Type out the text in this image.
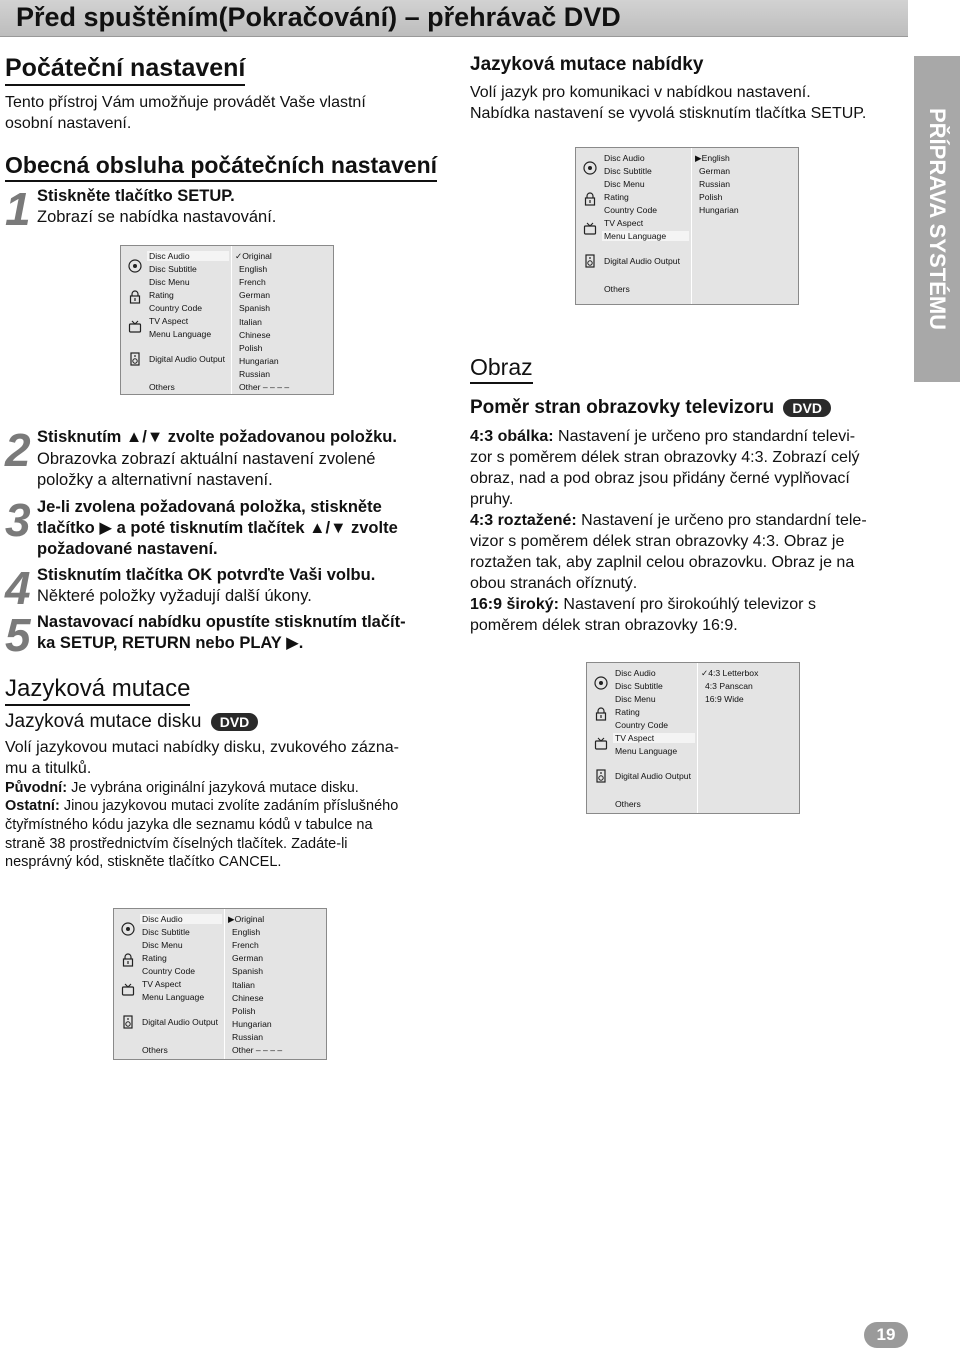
Před spuštěním(Pokračování) – přehrávač DVD
PŘÍPRAVA SYSTÉMU
Počáteční nastavení
Tento přístroj Vám umožňuje provádět Vaše vlastní
osobní nastavení.
Obecná obsluha počátečních nastavení
1 Stiskněte tlačítko SETUP.
Zobrazí se nabídka nastavování.
Disc Audio
Disc Subtitle
Disc Menu
Rating
Country Code
TV Aspect
Menu Language
Digital Audio Output
Others
✓Original
English
French
German
Spanish
Italian
Chinese
Polish
Hungarian
Russian
Other – – – –
2 Stisknutím ▲/▼ zvolte požadovanou položku.
Obrazovka zobrazí aktuální nastavení zvolené
položky a alternativní nastavení.
3 Je-li zvolena požadovaná položka, stiskněte
tlačítko ▶ a poté tisknutím tlačítek ▲/▼ zvolte
požadované nastavení.
4 Stisknutím tlačítka OK potvrďte Vaši volbu.
Některé položky vyžadují další úkony.
5 Nastavovací nabídku opustíte stisknutím tlačít-
ka SETUP, RETURN nebo PLAY ▶.
Jazyková mutace
Jazyková mutace disku DVD
Volí jazykovou mutaci nabídky disku, zvukového zázna-
mu a titulků.
Původní: Je vybrána originální jazyková mutace disku.
Ostatní: Jinou jazykovou mutaci zvolíte zadáním příslušného
čtyřmístného kódu jazyka dle seznamu kódů v tabulce na
straně 38 prostřednictvím číselných tlačítek. Zadáte-li
nesprávný kód, stiskněte tlačítko CANCEL.
Disc Audio
Disc Subtitle
Disc Menu
Rating
Country Code
TV Aspect
Menu Language
Digital Audio Output
Others
▶Original
English
French
German
Spanish
Italian
Chinese
Polish
Hungarian
Russian
Other – – – –
Jazyková mutace nabídky
Volí jazyk pro komunikaci v nabídkou nastavení.
Nabídka nastavení se vyvolá stisknutím tlačítka SETUP.
Disc Audio
Disc Subtitle
Disc Menu
Rating
Country Code
TV Aspect
Menu Language
Digital Audio Output
Others
▶English
German
Russian
Polish
Hungarian
Obraz
Poměr stran obrazovky televizoru DVD
4:3 obálka: Nastavení je určeno pro standardní televi-
zor s poměrem délek stran obrazovky 4:3. Zobrazí celý
obraz, nad a pod obraz jsou přidány černé vyplňovací
pruhy.
4:3 roztažené: Nastavení je určeno pro standardní tele-
vizor s poměrem délek stran obrazovky 4:3. Obraz je
roztažen tak, aby zaplnil celou obrazovku. Obraz je na
obou stranách oříznutý.
16:9 široký: Nastavení pro širokoúhlý televizor s
poměrem délek stran obrazovky 16:9.
Disc Audio
Disc Subtitle
Disc Menu
Rating
Country Code
TV Aspect
Menu Language
Digital Audio Output
Others
✓4:3 Letterbox
4:3 Panscan
16:9 Wide
19
